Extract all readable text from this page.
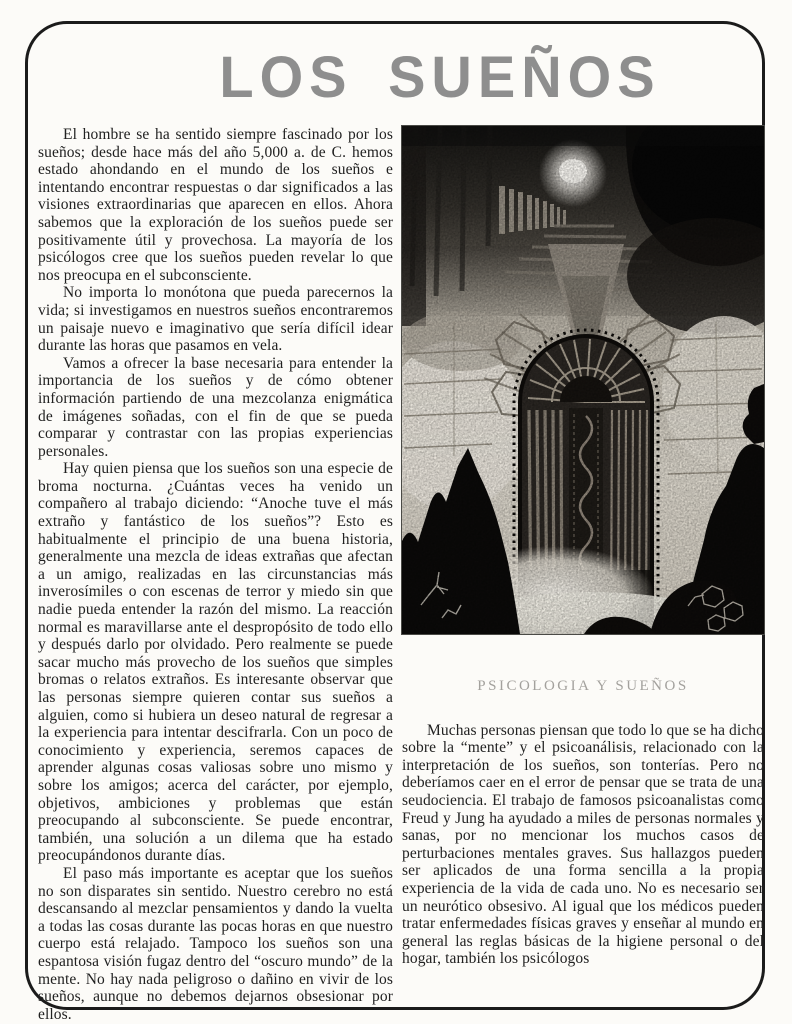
LOS SUEÑOS

El hombre se ha sentido siempre fascinado por los sueños; desde hace más del año 5,000 a. de C. hemos estado ahondando en el mundo de los sueños e intentando encontrar respuestas o dar significados a las visiones extraordinarias que aparecen en ellos. Ahora sabemos que la exploración de los sueños puede ser positivamente útil y provechosa. La mayoría de los psicólogos cree que los sueños pueden revelar lo que nos preocupa en el subconsciente.

No importa lo monótona que pueda parecernos la vida; si investigamos en nuestros sueños encontraremos un paisaje nuevo e imaginativo que sería difícil idear durante las horas que pasamos en vela.

Vamos a ofrecer la base necesaria para entender la importancia de los sueños y de cómo obtener información partiendo de una mezcolanza enigmática de imágenes soñadas, con el fin de que se pueda comparar y contrastar con las propias experiencias personales.

Hay quien piensa que los sueños son una especie de broma nocturna. ¿Cuántas veces ha venido un compañero al trabajo diciendo: “Anoche tuve el más extraño y fantástico de los sueños”? Esto es habitualmente el principio de una buena historia, generalmente una mezcla de ideas extrañas que afectan a un amigo, realizadas en las circunstancias más inverosímiles o con escenas de terror y miedo sin que nadie pueda entender la razón del mismo. La reacción normal es maravillarse ante el despropósito de todo ello y después darlo por olvidado. Pero realmente se puede sacar mucho más provecho de los sueños que simples bromas o relatos extraños. Es interesante observar que las personas siempre quieren contar sus sueños a alguien, como si hubiera un deseo natural de regresar a la experiencia para intentar descifrarla. Con un poco de conocimiento y experiencia, seremos capaces de aprender algunas cosas valiosas sobre uno mismo y sobre los amigos; acerca del carácter, por ejemplo, objetivos, ambiciones y problemas que están preocupando al subconsciente. Se puede encontrar, también, una solución a un dilema que ha estado preocupándonos durante días.

El paso más importante es aceptar que los sueños no son disparates sin sentido. Nuestro cerebro no está descansando al mezclar pensamientos y dando la vuelta a todas las cosas durante las pocas horas en que nuestro cuerpo está relajado. Tampoco los sueños son una espantosa visión fugaz dentro del “oscuro mundo” de la mente. No hay nada peligroso o dañino en vivir de los sueños, aunque no debemos dejarnos obsesionar por ellos.

PSICOLOGIA Y SUEÑOS

Muchas personas piensan que todo lo que se ha dicho sobre la “mente” y el psicoanálisis, relacionado con la interpretación de los sueños, son tonterías. Pero no deberíamos caer en el error de pensar que se trata de una seudociencia. El trabajo de famosos psicoanalistas como Freud y Jung ha ayudado a miles de personas normales y sanas, por no mencionar los muchos casos de perturbaciones mentales graves. Sus hallazgos pueden ser aplicados de una forma sencilla a la propia experiencia de la vida de cada uno. No es necesario ser un neurótico obsesivo. Al igual que los médicos pueden tratar enfermedades físicas graves y enseñar al mundo en general las reglas básicas de la higiene personal o del hogar, también los psicólogos
